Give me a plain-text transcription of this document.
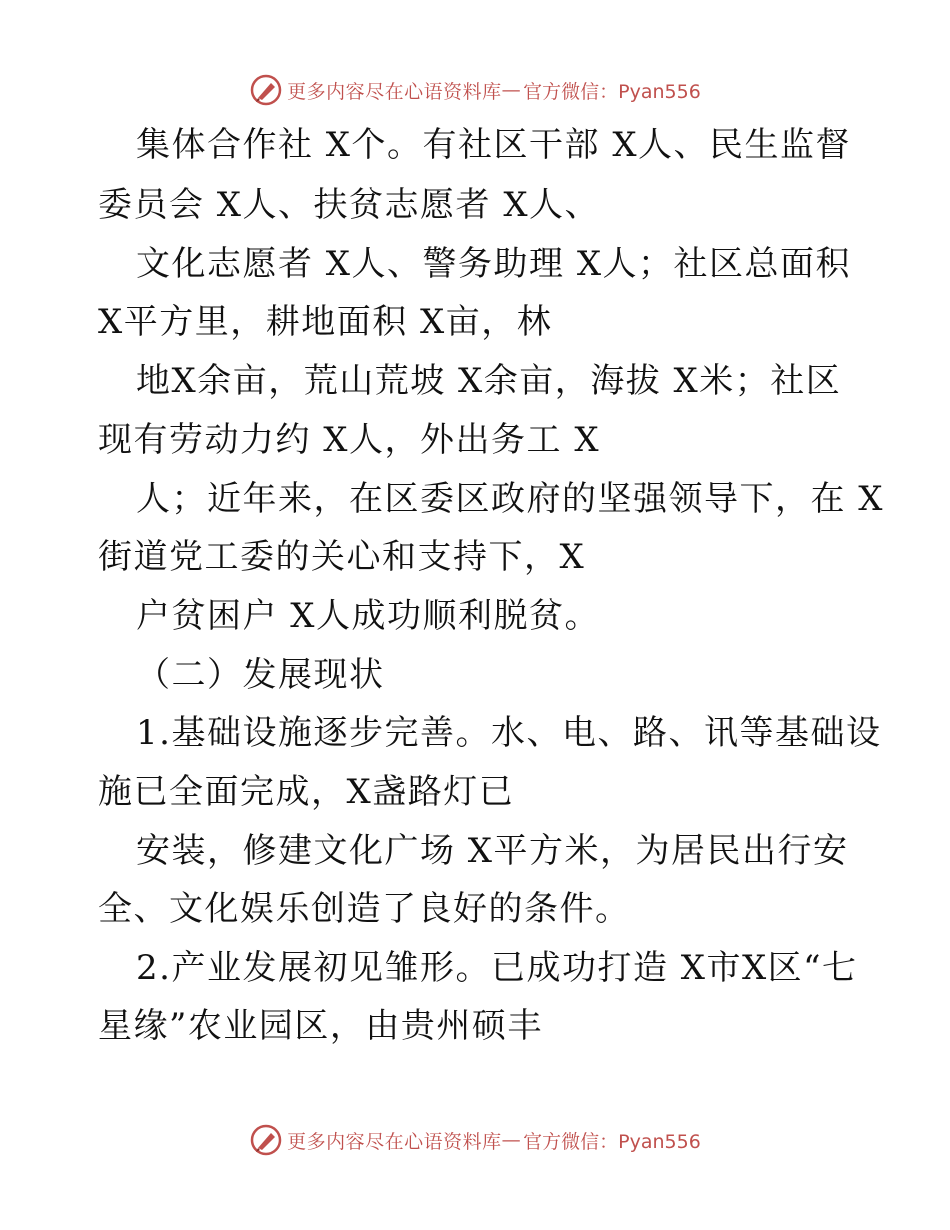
更多内容尽在心语资料库 — 官方微信：Pyan556
集体合作社 X个。有社区干部 X人、民生监督
委员会 X人、扶贫志愿者 X人、
文化志愿者 X人、警务助理 X人；社区总面积
X平方里，耕地面积 X亩，林
地X余亩，荒山荒坡 X余亩，海拔 X米；社区
现有劳动力约 X人，外出务工 X
人；近年来，在区委区政府的坚强领导下，在 X
街道党工委的关心和支持下，X
户贫困户 X人成功顺利脱贫。
（二）发展现状
1.基础设施逐步完善。水、电、路、讯等基础设
施已全面完成，X盏路灯已
安装，修建文化广场 X平方米，为居民出行安
全、文化娱乐创造了良好的条件。
2.产业发展初见雏形。已成功打造 X市X区“七
星缘”农业园区，由贵州硕丰
更多内容尽在心语资料库 — 官方微信：Pyan556
